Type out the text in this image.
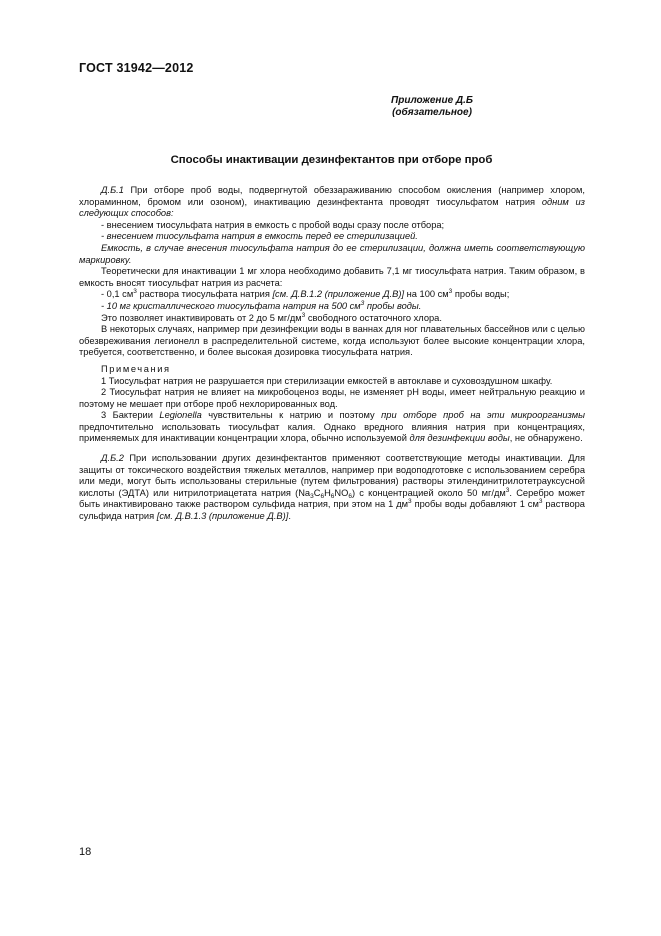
ГОСТ 31942—2012
Приложение Д.Б
(обязательное)
Способы инактивации дезинфектантов при отборе проб

Д.Б.1 При отборе проб воды, подвергнутой обеззараживанию способом окисления (например хлором, хлораминном, бромом или озоном), инактивацию дезинфектанта проводят тиосульфатом натрия одним из следующих способов:

- внесением тиосульфата натрия в емкость с пробой воды сразу после отбора;

- внесением тиосульфата натрия в емкость перед ее стерилизацией.

Емкость, в случае внесения тиосульфата натрия до ее стерилизации, должна иметь соответствующую маркировку.

Теоретически для инактивации 1 мг хлора необходимо добавить 7,1 мг тиосульфата натрия. Таким образом, в емкость вносят тиосульфат натрия из расчета:

- 0,1 $см^3$ раствора тиосульфата натрия [см. Д.В.1.2 (приложение Д.В)] на 100 $см^3$ пробы воды;

- 10 мг кристаллического тиосульфата натрия на 500 $см^3$ пробы воды.

Это позволяет инактивировать от 2 до 5 $мг/дм^3$ свободного остаточного хлора.

В некоторых случаях, например при дезинфекции воды в ваннах для ног плавательных бассейнов или с целью обезвреживания легионелл в распределительной системе, когда используют более высокие концентрации хлора, требуется, соответственно, и более высокая дозировка тиосульфата натрия.

Примечания

1 Тиосульфат натрия не разрушается при стерилизации емкостей в автоклаве и суховоздушном шкафу.

2 Тиосульфат натрия не влияет на микробоценоз воды, не изменяет pH воды, имеет нейтральную реакцию и поэтому не мешает при отборе проб нехлорированных вод.

3 Бактерии Legionella чувствительны к натрию и поэтому при отборе проб на эти микроорганизмы предпочтительно использовать тиосульфат калия. Однако вредного влияния натрия при концентрациях, применяемых для инактивации концентрации хлора, обычно используемой для дезинфекции воды, не обнаружено.

Д.Б.2 При использовании других дезинфектантов применяют соответствующие методы инактивации. Для защиты от токсического воздействия тяжелых металлов, например при водоподготовке с использованием серебра или меди, могут быть использованы стерильные (путем фильтрования) растворы этилендинитрилотетрауксусной кислоты (ЭДТА) или нитрилотриацетата натрия $(Na_3C_6H_6NO_6)$ с концентрацией около 50 $мг/дм^3$. Серебро может быть инактивировано также раствором сульфида натрия, при этом на 1 $дм^3$ пробы воды добавляют 1 $см^3$ раствора сульфида натрия [см. Д.В.1.3 (приложение Д.В)].

18
